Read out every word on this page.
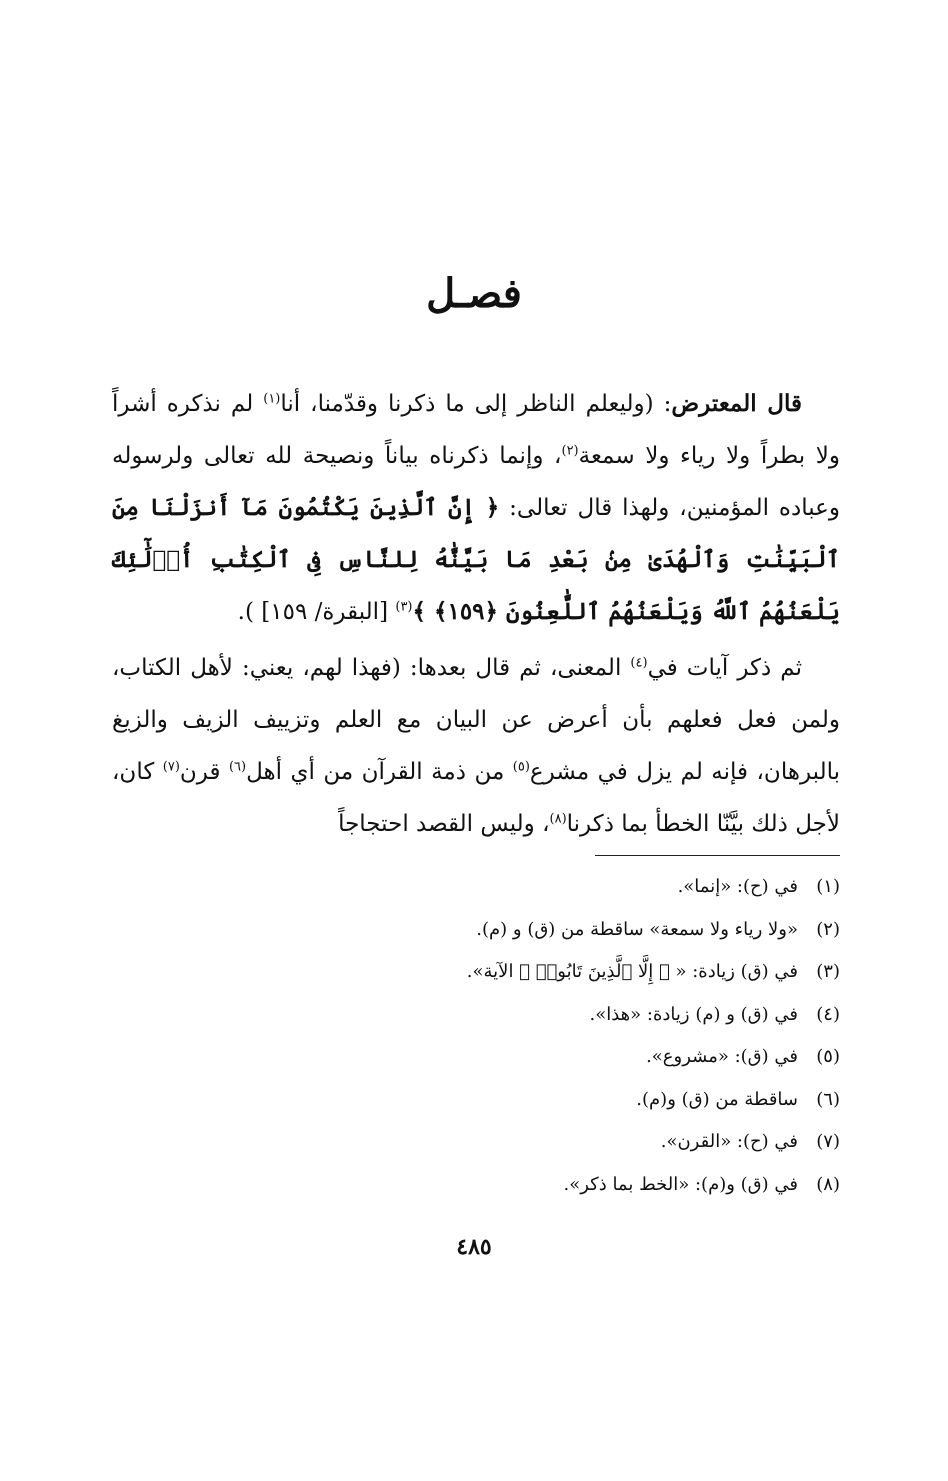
فصـل

قال المعترض: (وليعلم الناظر إلى ما ذكرنا وقدّمنا، أنا$^{(١)}$ لم نذكره أشراً ولا بطراً ولا رياء ولا سمعة$^{(٢)}$، وإنما ذكرناه بياناً ونصيحة لله تعالى ولرسوله وعباده المؤمنين، ولهذا قال تعالى: ﴿ إِنَّ ٱلَّذِينَ يَكْتُمُونَ مَآ أَنزَلْنَا مِنَ ٱلْبَيِّنَٰتِ وَٱلْهُدَىٰ مِنۢ بَعْدِ مَا بَيَّنَّٰهُ لِلنَّاسِ فِى ٱلْكِتَٰبِ أُو۟لَٰٓئِكَ يَلْعَنُهُمُ ٱللَّهُ وَيَلْعَنُهُمُ ٱللَّٰعِنُونَ ﴿١٥٩﴾ ﴾$^{(٣)}$ [البقرة/ ١٥٩] ).

ثم ذكر آيات في$^{(٤)}$ المعنى، ثم قال بعدها: (فهذا لهم، يعني: لأهل الكتاب، ولمن فعل فعلهم بأن أعرض عن البيان مع العلم وتزييف الزيف والزيغ بالبرهان، فإنه لم يزل في مشرع$^{(٥)}$ من ذمة القرآن من أي أهل$^{(٦)}$ قرن$^{(٧)}$ كان، لأجل ذلك بيَّنّا الخطأ بما ذكرنا$^{(٨)}$، وليس القصد احتجاجاً

(١)في (ح): «إنما».
(٢)«ولا رياء ولا سمعة» ساقطة من (ق) و (م).
(٣)في (ق) زيادة: « ﴿ إِلَّا ٱلَّذِينَ تَابُوا۟ ﴾ الآية».
(٤)في (ق) و (م) زيادة: «هذا».
(٥)في (ق): «مشروع».
(٦)ساقطة من (ق) و(م).
(٧)في (ح): «القرن».
(٨)في (ق) و(م): «الخط بما ذكر».
٤٨٥
